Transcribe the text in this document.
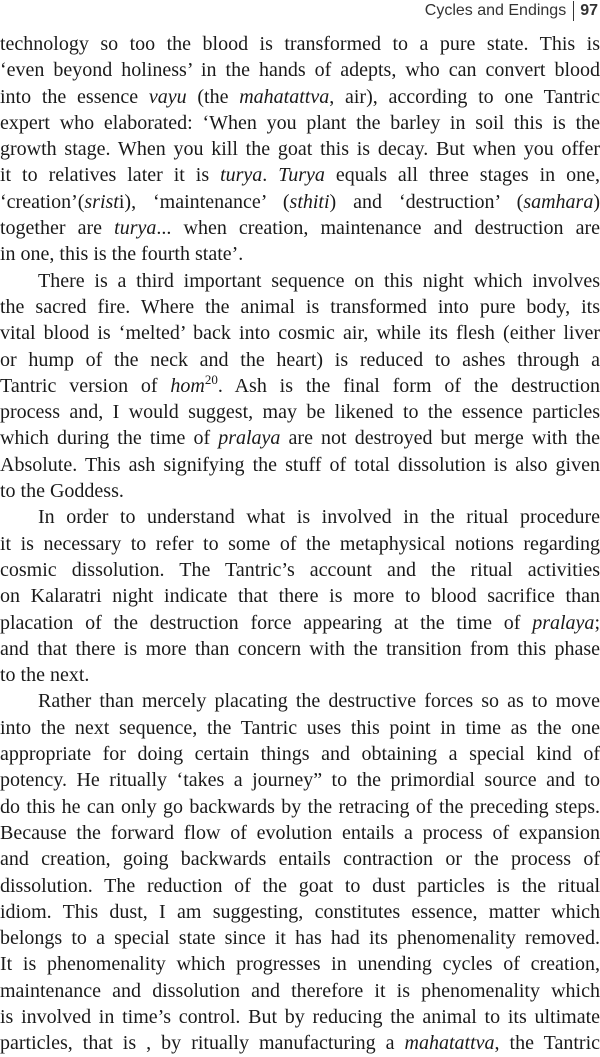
Cycles and Endings 97
technology so too the blood is transformed to a pure state. This is
‘even beyond holiness’ in the hands of adepts, who can convert blood
into the essence vayu (the mahatattva, air), according to one Tantric
expert who elaborated: ‘When you plant the barley in soil this is the
growth stage. When you kill the goat this is decay. But when you offer
it to relatives later it is turya. Turya equals all three stages in one,
‘creation’(sristi), ‘maintenance’ (sthiti) and ‘destruction’ (samhara)
together are turya... when creation, maintenance and destruction are
in one, this is the fourth state’.
There is a third important sequence on this night which involves
the sacred fire. Where the animal is transformed into pure body, its
vital blood is ‘melted’ back into cosmic air, while its flesh (either liver
or hump of the neck and the heart) is reduced to ashes through a
Tantric version of hom$^{20}$. Ash is the final form of the destruction
process and, I would suggest, may be likened to the essence particles
which during the time of pralaya are not destroyed but merge with the
Absolute. This ash signifying the stuff of total dissolution is also given
to the Goddess.
In order to understand what is involved in the ritual procedure
it is necessary to refer to some of the metaphysical notions regarding
cosmic dissolution. The Tantric’s account and the ritual activities
on Kalaratri night indicate that there is more to blood sacrifice than
placation of the destruction force appearing at the time of pralaya;
and that there is more than concern with the transition from this phase
to the next.
Rather than mercely placating the destructive forces so as to move
into the next sequence, the Tantric uses this point in time as the one
appropriate for doing certain things and obtaining a special kind of
potency. He ritually ‘takes a journey” to the primordial source and to
do this he can only go backwards by the retracing of the preceding steps.
Because the forward flow of evolution entails a process of expansion
and creation, going backwards entails contraction or the process of
dissolution. The reduction of the goat to dust particles is the ritual
idiom. This dust, I am suggesting, constitutes essence, matter which
belongs to a special state since it has had its phenomenality removed.
It is phenomenality which progresses in unending cycles of creation,
maintenance and dissolution and therefore it is phenomenality which
is involved in time’s control. But by reducing the animal to its ultimate
particles, that is , by ritually manufacturing a mahatattva, the Tantric
